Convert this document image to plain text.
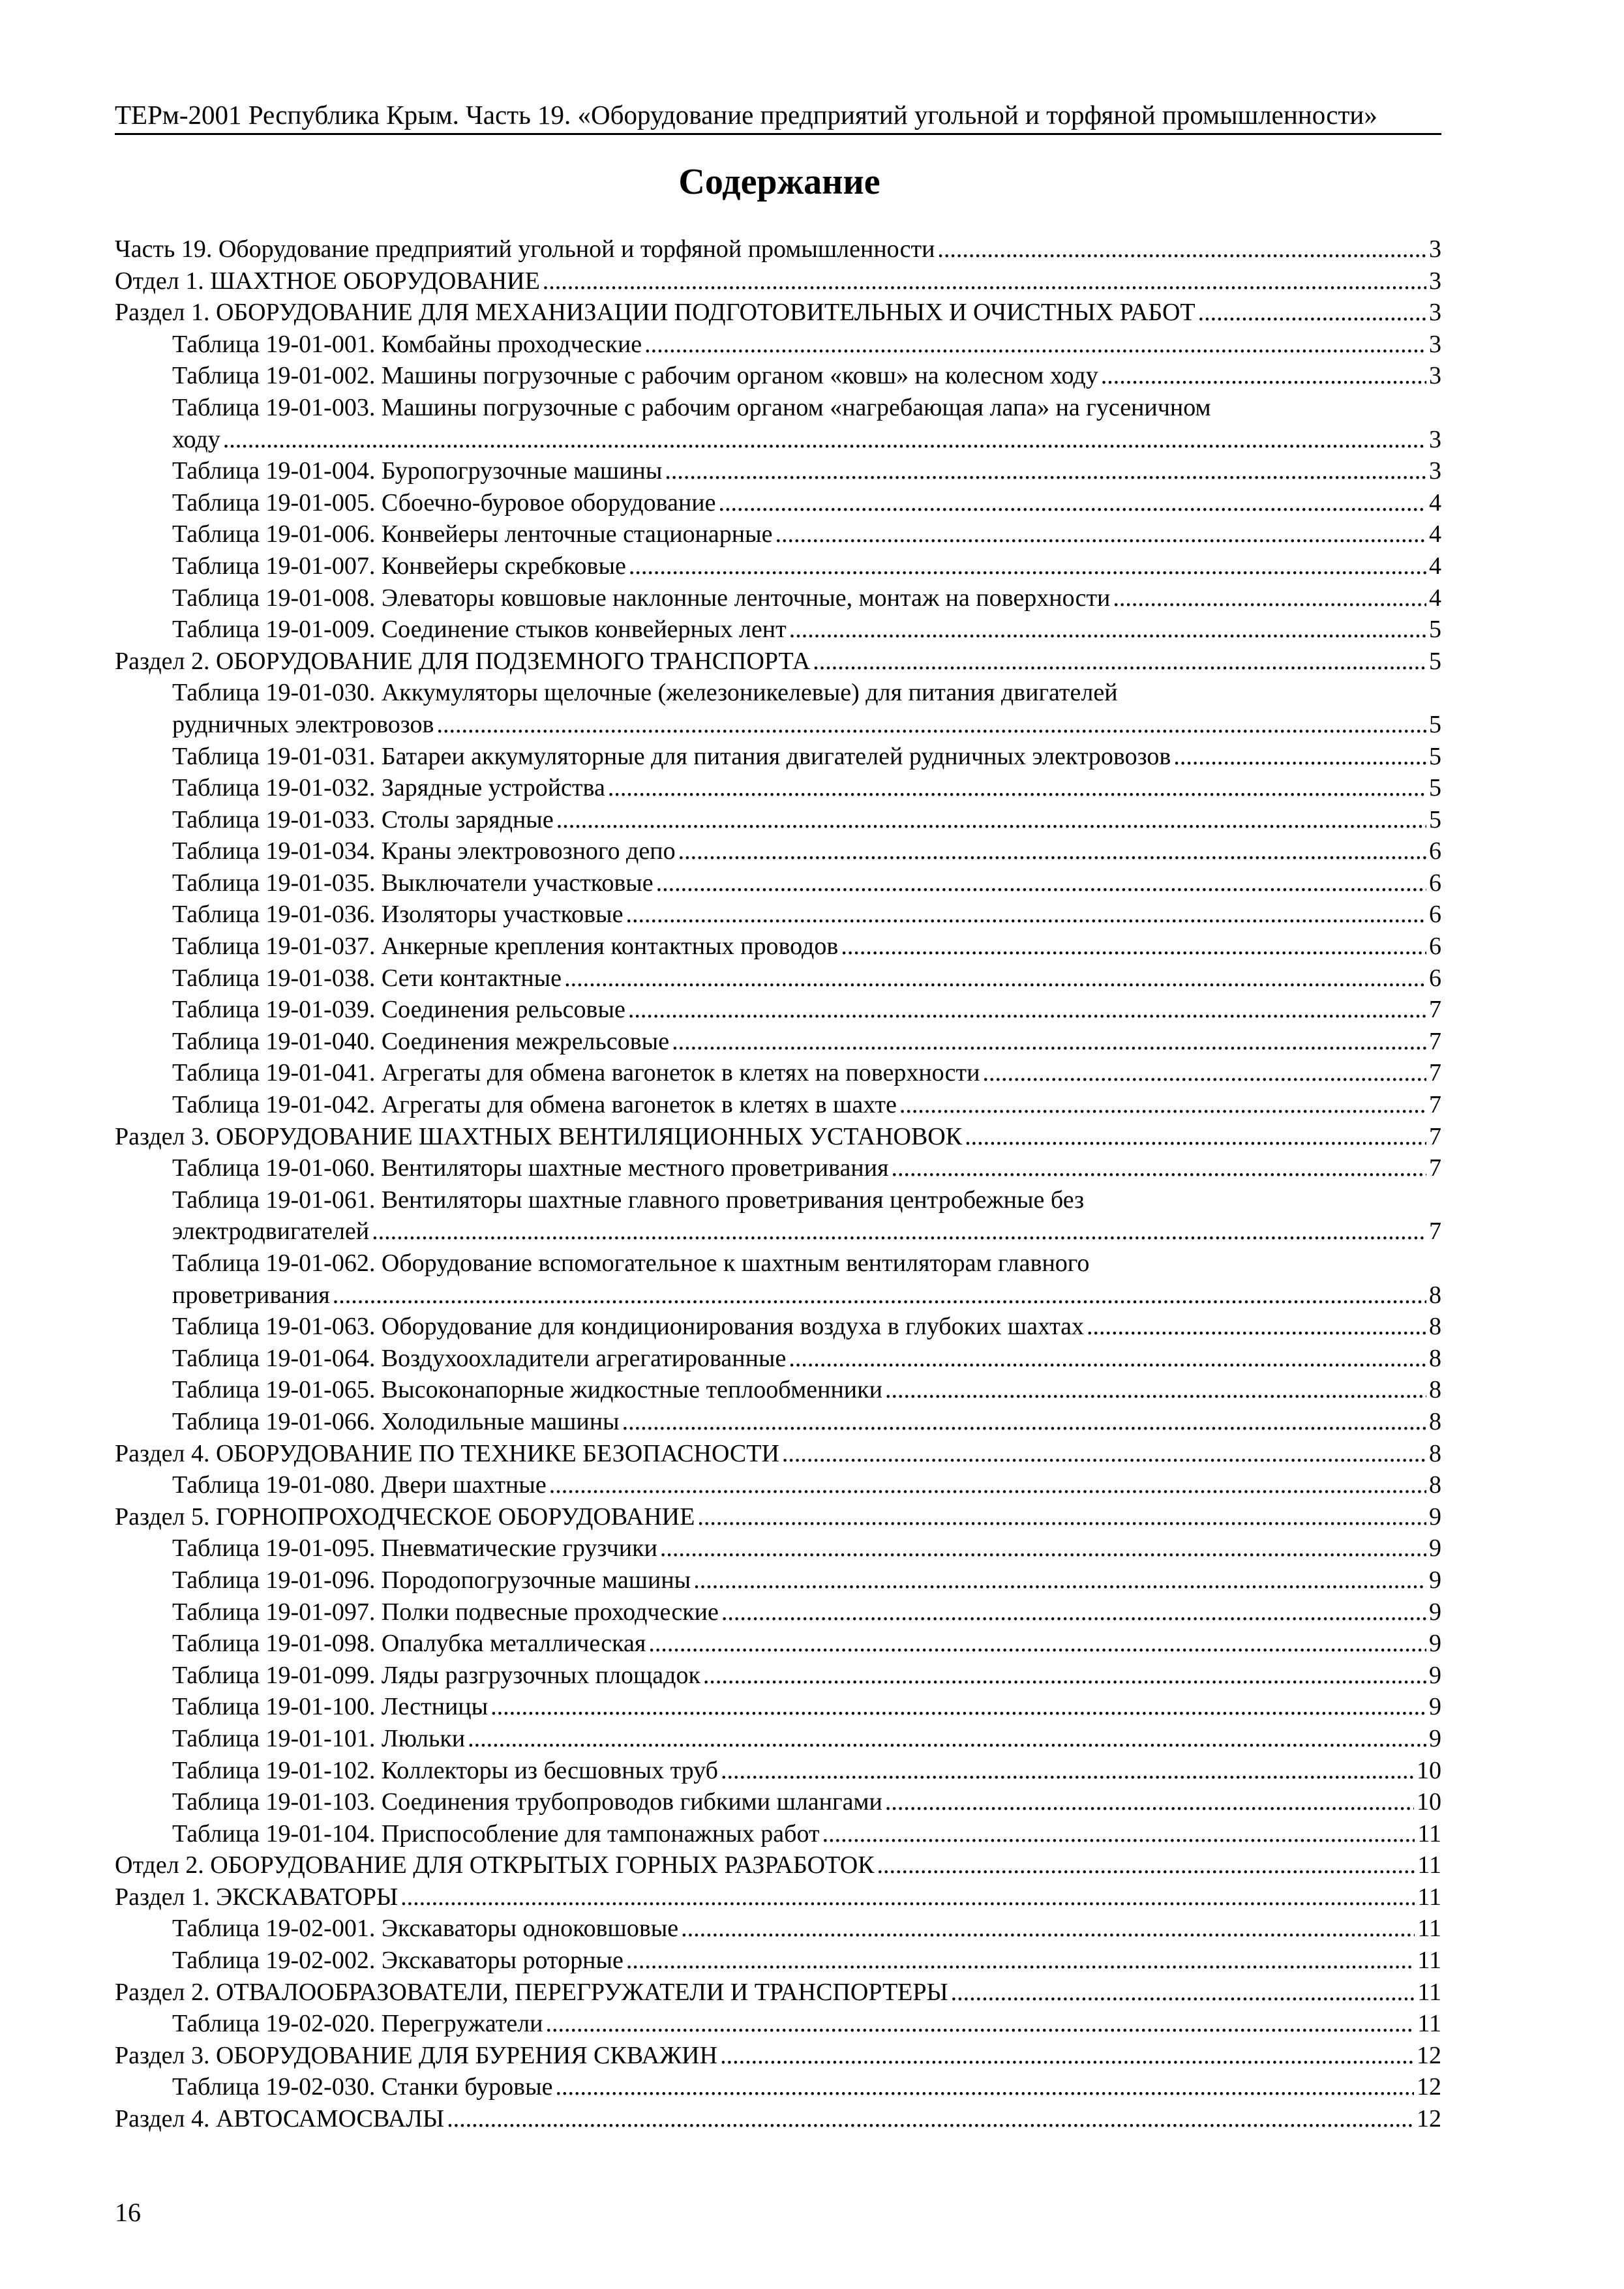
ТЕРм-2001 Республика Крым. Часть 19. «Оборудование предприятий угольной и торфяной промышленности»
Содержание
Часть 19. Оборудование предприятий угольной и торфяной промышленности .....	3
Отдел 1. ШАХТНОЕ ОБОРУДОВАНИЕ .....	3
Раздел 1. ОБОРУДОВАНИЕ ДЛЯ МЕХАНИЗАЦИИ ПОДГОТОВИТЕЛЬНЫХ И ОЧИСТНЫХ РАБОТ .....	3
Таблица 19-01-001. Комбайны проходческие .....	3
Таблица 19-01-002. Машины погрузочные с рабочим органом «ковш» на колесном ходу .....	3
Таблица 19-01-003. Машины погрузочные с рабочим органом «нагребающая лапа» на гусеничном
ходу .....	3
Таблица 19-01-004. Буропогрузочные машины .....	3
Таблица 19-01-005. Сбоечно-буровое оборудование .....	4
Таблица 19-01-006. Конвейеры ленточные стационарные .....	4
Таблица 19-01-007. Конвейеры скребковые .....	4
Таблица 19-01-008. Элеваторы ковшовые наклонные ленточные, монтаж на поверхности .....	4
Таблица 19-01-009. Соединение стыков конвейерных лент .....	5
Раздел 2. ОБОРУДОВАНИЕ ДЛЯ ПОДЗЕМНОГО ТРАНСПОРТА .....	5
Таблица 19-01-030. Аккумуляторы щелочные (железоникелевые) для питания двигателей
рудничных электровозов .....	5
Таблица 19-01-031. Батареи аккумуляторные для питания двигателей рудничных электровозов .....	5
Таблица 19-01-032. Зарядные устройства .....	5
Таблица 19-01-033. Столы зарядные .....	5
Таблица 19-01-034. Краны электровозного депо .....	6
Таблица 19-01-035. Выключатели участковые .....	6
Таблица 19-01-036. Изоляторы участковые .....	6
Таблица 19-01-037. Анкерные крепления контактных проводов .....	6
Таблица 19-01-038. Сети контактные .....	6
Таблица 19-01-039. Соединения рельсовые .....	7
Таблица 19-01-040. Соединения межрельсовые .....	7
Таблица 19-01-041. Агрегаты для обмена вагонеток в клетях на поверхности .....	7
Таблица 19-01-042. Агрегаты для обмена вагонеток в клетях в шахте .....	7
Раздел 3. ОБОРУДОВАНИЕ ШАХТНЫХ ВЕНТИЛЯЦИОННЫХ УСТАНОВОК .....	7
Таблица 19-01-060. Вентиляторы шахтные местного проветривания .....	7
Таблица 19-01-061. Вентиляторы шахтные главного проветривания центробежные без
электродвигателей .....	7
Таблица 19-01-062. Оборудование вспомогательное к шахтным вентиляторам главного
проветривания .....	8
Таблица 19-01-063. Оборудование для кондиционирования воздуха в глубоких шахтах .....	8
Таблица 19-01-064. Воздухоохладители агрегатированные .....	8
Таблица 19-01-065. Высоконапорные жидкостные теплообменники .....	8
Таблица 19-01-066. Холодильные машины .....	8
Раздел 4. ОБОРУДОВАНИЕ ПО ТЕХНИКЕ БЕЗОПАСНОСТИ .....	8
Таблица 19-01-080. Двери шахтные .....	8
Раздел 5. ГОРНОПРОХОДЧЕСКОЕ ОБОРУДОВАНИЕ .....	9
Таблица 19-01-095. Пневматические грузчики .....	9
Таблица 19-01-096. Породопогрузочные машины .....	9
Таблица 19-01-097. Полки подвесные проходческие .....	9
Таблица 19-01-098. Опалубка металлическая .....	9
Таблица 19-01-099. Ляды разгрузочных площадок .....	9
Таблица 19-01-100. Лестницы .....	9
Таблица 19-01-101. Люльки .....	9
Таблица 19-01-102. Коллекторы из бесшовных труб .....	10
Таблица 19-01-103. Соединения трубопроводов гибкими шлангами .....	10
Таблица 19-01-104. Приспособление для тампонажных работ .....	11
Отдел 2. ОБОРУДОВАНИЕ ДЛЯ ОТКРЫТЫХ ГОРНЫХ РАЗРАБОТОК .....	11
Раздел 1. ЭКСКАВАТОРЫ .....	11
Таблица 19-02-001. Экскаваторы одноковшовые .....	11
Таблица 19-02-002. Экскаваторы роторные .....	11
Раздел 2. ОТВАЛООБРАЗОВАТЕЛИ, ПЕРЕГРУЖАТЕЛИ И ТРАНСПОРТЕРЫ .....	11
Таблица 19-02-020. Перегружатели .....	11
Раздел 3. ОБОРУДОВАНИЕ ДЛЯ БУРЕНИЯ СКВАЖИН .....	12
Таблица 19-02-030. Станки буровые .....	12
Раздел 4. АВТОСАМОСВАЛЫ .....	12
16
